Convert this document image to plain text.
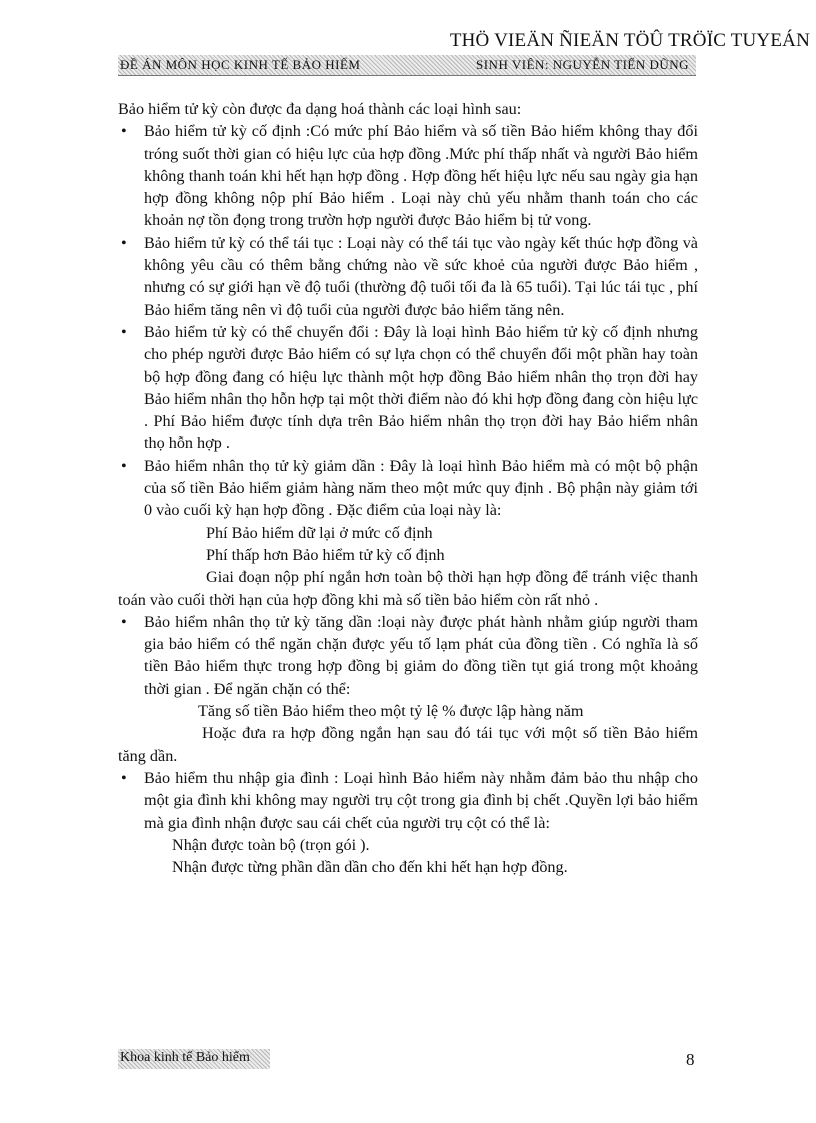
THÖ VIEÄN ÑIEÄN TÖÛ TRÖÏC TUYEÁN
ĐỀ ÁN MÔN HỌC KINH TẾ BẢO HIỂM	SINH VIÊN: NGUYỄN TIẾN DŨNG

Bảo hiểm tử kỳ còn được đa dạng hoá thành các loại hình sau:

• Bảo hiểm tử kỳ cố định :Có mức phí Bảo hiểm và số tiền Bảo hiểm không thay đổi tróng suốt thời gian có hiệu lực của hợp đồng .Mức phí thấp nhất và người Bảo hiểm không thanh toán khi hết hạn hợp đồng . Hợp đồng hết hiệu lực nếu sau ngày gia hạn hợp đồng không nộp phí Bảo hiểm . Loại này chủ yếu nhằm thanh toán cho các khoản nợ tồn đọng trong trườn hợp người được Bảo hiểm bị tử vong.
• Bảo hiểm tử kỳ có thể tái tục : Loại này có thể tái tục vào ngày kết thúc hợp đồng và không yêu cầu có thêm bằng chứng nào về sức khoẻ của người được Bảo hiểm , nhưng có sự giới hạn về độ tuổi (thường độ tuổi tối đa là 65 tuổi). Tại lúc tái tục , phí Bảo hiểm tăng nên vì độ tuổi của người được bảo hiểm tăng nên.
• Bảo hiểm tử kỳ có thể chuyển đổi : Đây là loại hình Bảo hiểm tử kỳ cố định nhưng cho phép người được Bảo hiểm có sự lựa chọn có thể chuyển đổi một phần hay toàn bộ hợp đồng đang có hiệu lực thành một hợp đồng Bảo hiểm nhân thọ trọn đời hay Bảo hiểm nhân thọ hỗn hợp tại một thời điểm nào đó khi hợp đồng đang còn hiệu lực . Phí Bảo hiểm được tính dựa trên Bảo hiểm nhân thọ trọn đời hay Bảo hiểm nhân thọ hỗn hợp .
• Bảo hiểm nhân thọ tử kỳ giảm dần : Đây là loại hình Bảo hiểm mà có một bộ phận của số tiền Bảo hiểm giảm hàng năm theo một mức quy định . Bộ phận này giảm tới 0 vào cuối kỳ hạn hợp đồng . Đặc điểm của loại này là:

Phí Bảo hiểm dữ lại ở mức cố định

Phí thấp hơn Bảo hiểm tử kỳ cố định

Giai đoạn nộp phí ngắn hơn toàn bộ thời hạn hợp đồng để tránh việc thanh toán vào cuối thời hạn của hợp đồng khi mà số tiền bảo hiểm còn rất nhỏ .

• Bảo hiểm nhân thọ tử kỳ tăng dần :loại này được phát hành nhằm giúp người tham gia bảo hiểm có thể ngăn chặn được yếu tố lạm phát của đồng tiền . Có nghĩa là số tiền Bảo hiểm thực trong hợp đồng bị giảm do đồng tiền tụt giá trong một khoảng thời gian . Để ngăn chặn có thể:

Tăng số tiền Bảo hiểm theo một tỷ lệ % được lập hàng năm

Hoặc đưa ra hợp đồng ngắn hạn sau đó tái tục với một số tiền Bảo hiểm tăng dần.

• Bảo hiểm thu nhập gia đình : Loại hình Bảo hiểm này nhằm đảm bảo thu nhập cho một gia đình khi không may người trụ cột trong gia đình bị chết .Quyền lợi bảo hiểm mà gia đình nhận được sau cái chết của người trụ cột có thể là:

Nhận được toàn bộ (trọn gói ).

Nhận được từng phần dần dần cho đến khi hết hạn hợp đồng.

Khoa kinh tế Bảo hiểm	8
